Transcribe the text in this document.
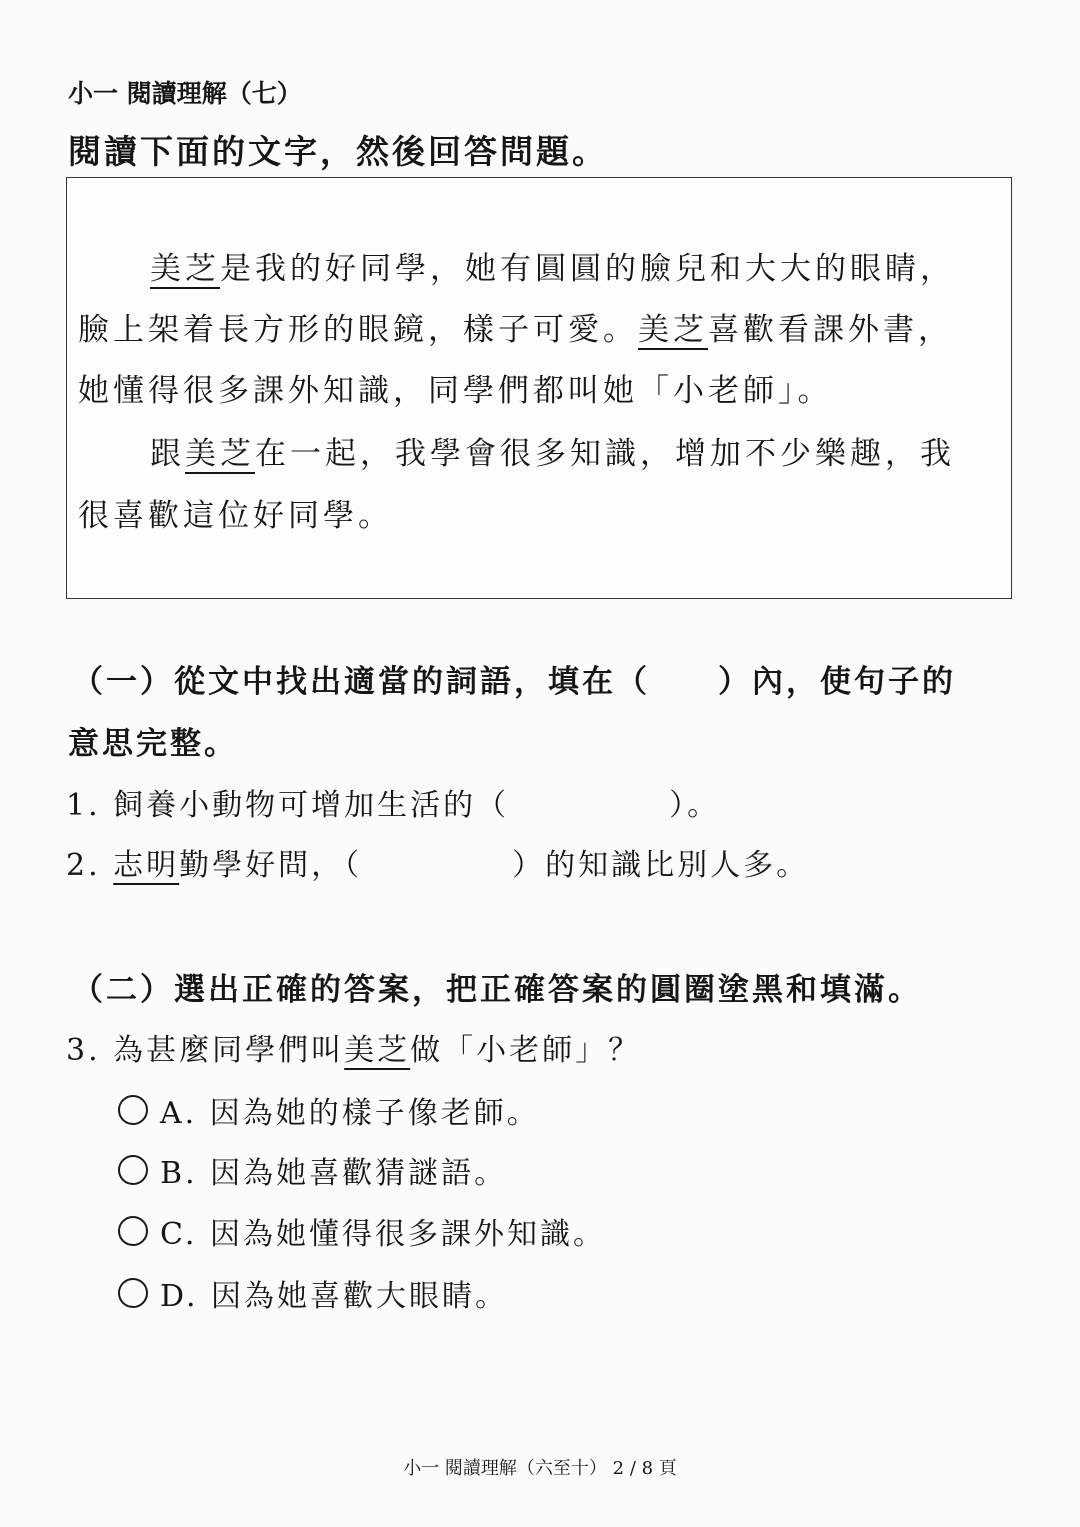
小一 閱讀理解（七）
閱讀下面的文字，然後回答問題。
美芝是我的好同學，她有圓圓的臉兒和大大的眼睛，
臉上架着長方形的眼鏡，樣子可愛。美芝喜歡看課外書，
她懂得很多課外知識，同學們都叫她「小老師」。
跟美芝在一起，我學會很多知識，增加不少樂趣，我
很喜歡這位好同學。
（一）從文中找出適當的詞語，填在（　　）內，使句子的
意思完整。
1. 飼養小動物可增加生活的（	）。
2. 志明勤學好問，（	）的知識比別人多。
（二）選出正確的答案，把正確答案的圓圈塗黑和填滿。
3. 為甚麼同學們叫美芝做「小老師」？
A. 因為她的樣子像老師。
B. 因為她喜歡猜謎語。
C. 因為她懂得很多課外知識。
D. 因為她喜歡大眼睛。
小一 閱讀理解（六至十） 2 / 8 頁
